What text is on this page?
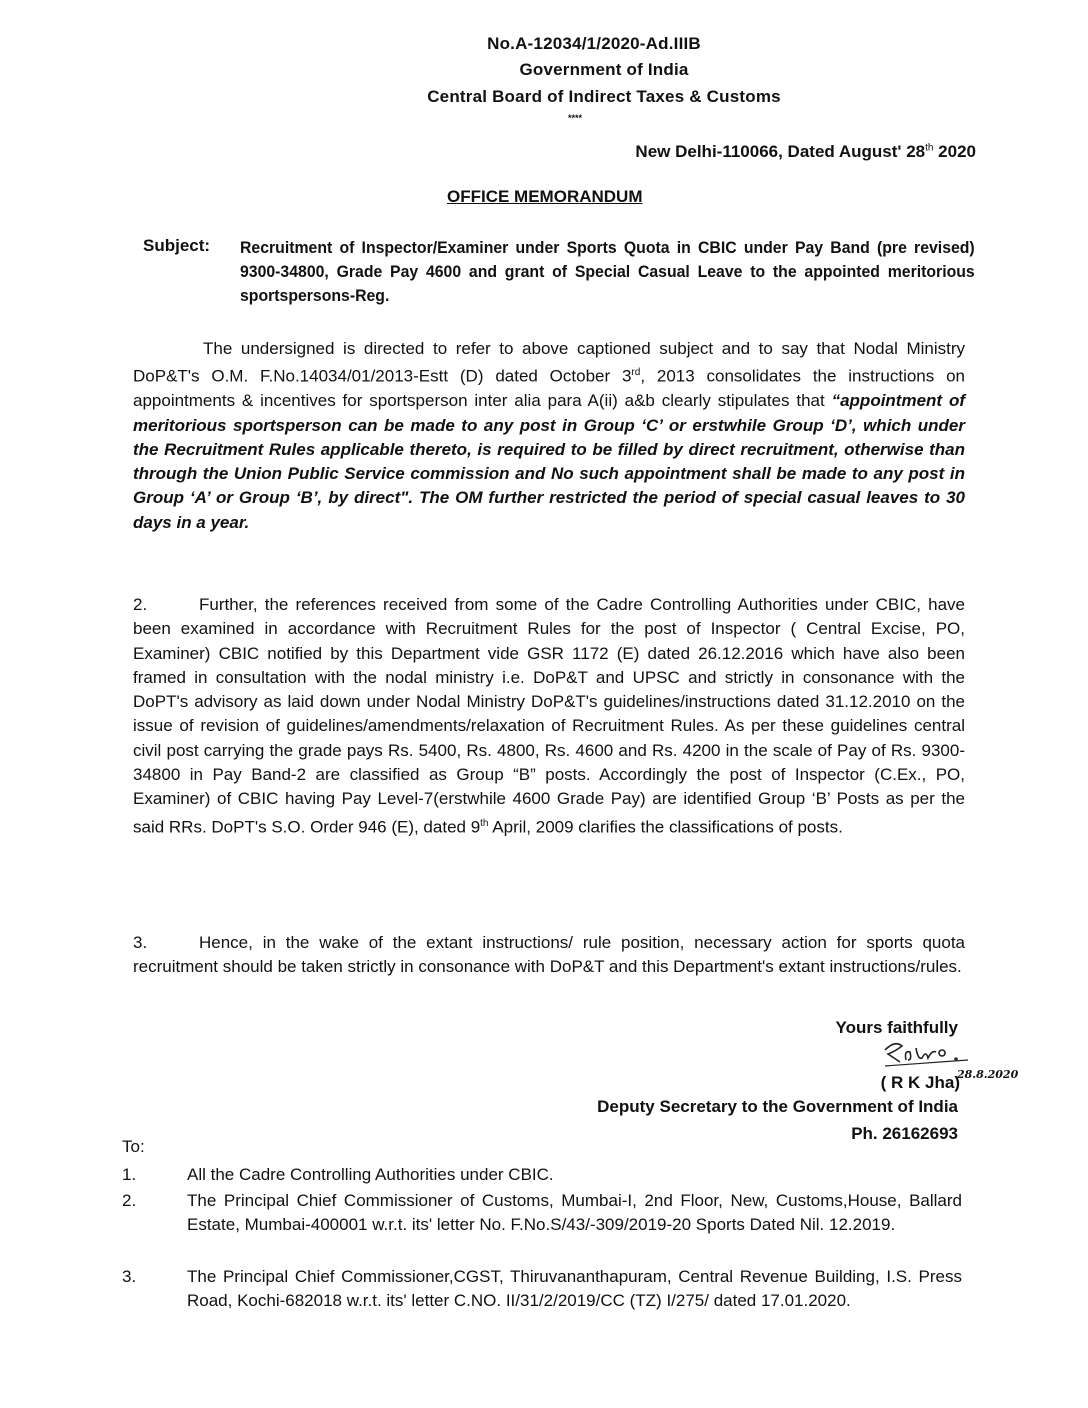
No.A-12034/1/2020-Ad.IIIB
Government of India
Central Board of Indirect Taxes & Customs
****
New Delhi-110066, Dated August' 28th 2020
OFFICE MEMORANDUM
Subject: Recruitment of Inspector/Examiner under Sports Quota in CBIC under Pay Band (pre revised) 9300-34800, Grade Pay 4600 and grant of Special Casual Leave to the appointed meritorious sportspersons-Reg.
The undersigned is directed to refer to above captioned subject and to say that Nodal Ministry DoP&T's O.M. F.No.14034/01/2013-Estt (D) dated October 3rd, 2013 consolidates the instructions on appointments & incentives for sportsperson inter alia para A(ii) a&b clearly stipulates that “appointment of meritorious sportsperson can be made to any post in Group ‘C’ or erstwhile Group ‘D’, which under the Recruitment Rules applicable thereto, is required to be filled by direct recruitment, otherwise than through the Union Public Service commission and No such appointment shall be made to any post in Group ‘A’ or Group ‘B’, by direct". The OM further restricted the period of special casual leaves to 30 days in a year.
2.	Further, the references received from some of the Cadre Controlling Authorities under CBIC, have been examined in accordance with Recruitment Rules for the post of Inspector ( Central Excise, PO, Examiner) CBIC notified by this Department vide GSR 1172 (E) dated 26.12.2016 which have also been framed in consultation with the nodal ministry i.e. DoP&T and UPSC and strictly in consonance with the DoPT's advisory as laid down under Nodal Ministry DoP&T's guidelines/instructions dated 31.12.2010 on the issue of revision of guidelines/amendments/relaxation of Recruitment Rules. As per these guidelines central civil post carrying the grade pays Rs. 5400, Rs. 4800, Rs. 4600 and Rs. 4200 in the scale of Pay of Rs. 9300-34800 in Pay Band-2 are classified as Group “B” posts. Accordingly the post of Inspector (C.Ex., PO, Examiner) of CBIC having Pay Level-7(erstwhile 4600 Grade Pay) are identified Group ‘B’ Posts as per the said RRs. DoPT's S.O. Order 946 (E), dated 9th April, 2009 clarifies the classifications of posts.
3.	Hence, in the wake of the extant instructions/ rule position, necessary action for sports quota recruitment should be taken strictly in consonance with DoP&T and this Department's extant instructions/rules.
Yours faithfully
( R K Jha)
28.8.2020
Deputy Secretary to the Government of India
Ph. 26162693
To:
1.	All the Cadre Controlling Authorities under CBIC.
2.	The Principal Chief Commissioner of Customs, Mumbai-I, 2nd Floor, New, Customs,House, Ballard Estate, Mumbai-400001 w.r.t. its' letter No. F.No.S/43/-309/2019-20 Sports Dated Nil. 12.2019.
3.	The Principal Chief Commissioner,CGST, Thiruvananthapuram, Central Revenue Building, I.S. Press Road, Kochi-682018 w.r.t. its' letter C.NO. II/31/2/2019/CC (TZ) I/275/ dated 17.01.2020.
